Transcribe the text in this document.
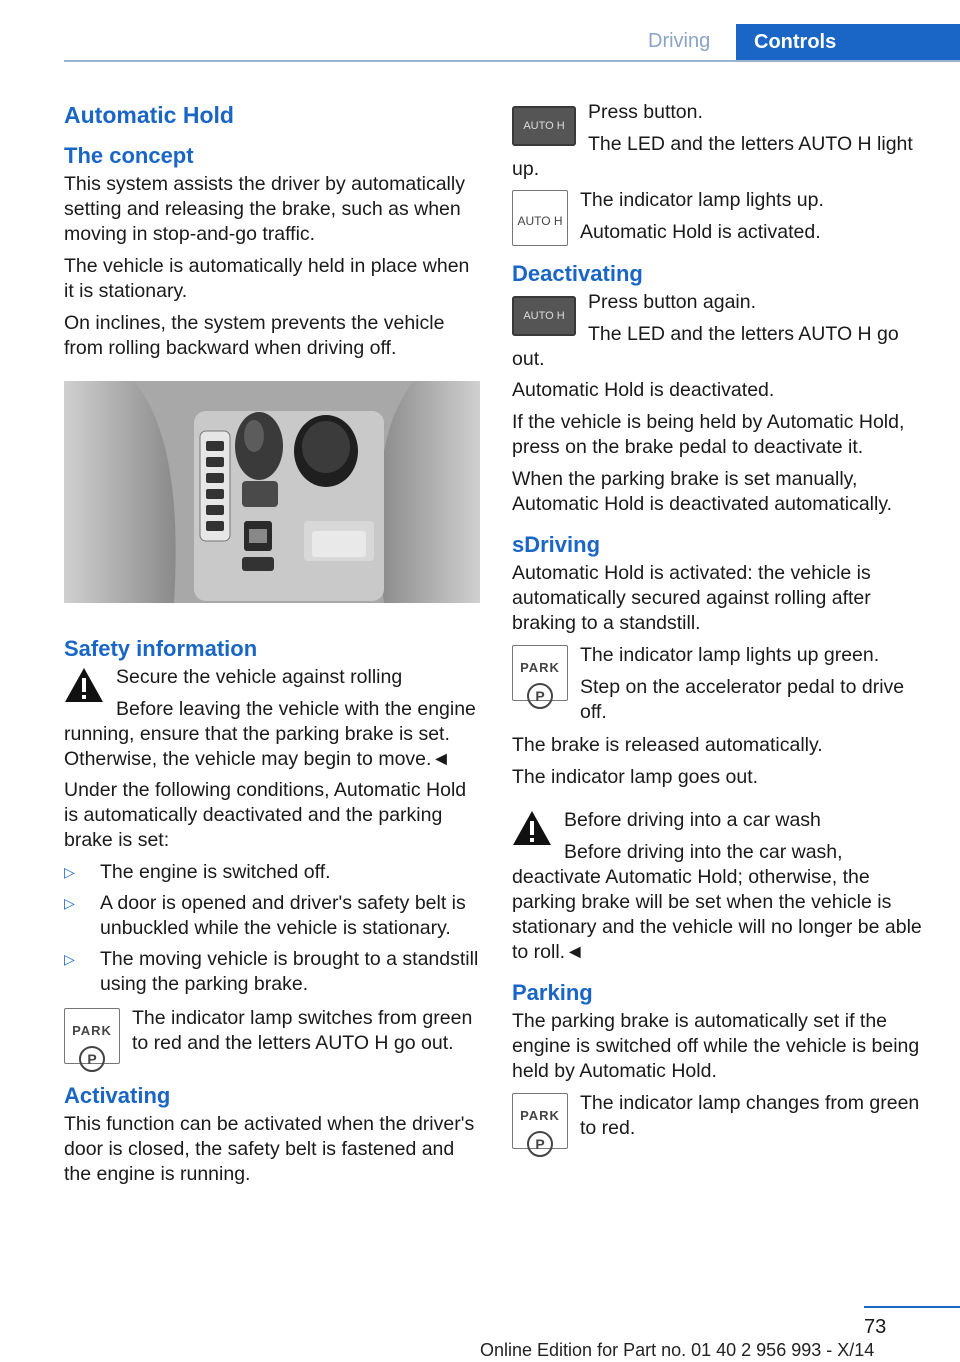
Driving Controls
Automatic Hold
The concept

This system assists the driver by automatically setting and releasing the brake, such as when moving in stop-and-go traffic.

The vehicle is automatically held in place when it is stationary.

On inclines, the system prevents the vehicle from rolling backward when driving off.

Safety information
Secure the vehicle against rolling
Before leaving the vehicle with the engine running, ensure that the parking brake is set. Otherwise, the vehicle may begin to move.◄

Under the following conditions, Automatic Hold is automatically deactivated and the parking brake is set:

▷ The engine is switched off.
▷ A door is opened and driver's safety belt is unbuckled while the vehicle is stationary.
▷ The moving vehicle is brought to a standstill using the parking brake.
PARK
P
The indicator lamp switches from green to red and the letters AUTO H go out.
Activating

This function can be activated when the driver's door is closed, the safety belt is fastened and the engine is running.

AUTO H
Press button.
The LED and the letters AUTO H light up.
AUTO H

The indicator lamp lights up.

Automatic Hold is activated.

Deactivating
AUTO H
Press button again.
The LED and the letters AUTO H go out.

Automatic Hold is deactivated.

If the vehicle is being held by Automatic Hold, press on the brake pedal to deactivate it.

When the parking brake is set manually, Automatic Hold is deactivated automatically.

sDriving

Automatic Hold is activated: the vehicle is automatically secured against rolling after braking to a standstill.

PARK
P

The indicator lamp lights up green.

Step on the accelerator pedal to drive off.

The brake is released automatically.

The indicator lamp goes out.

Before driving into a car wash
Before driving into the car wash, deactivate Automatic Hold; otherwise, the parking brake will be set when the vehicle is stationary and the vehicle will no longer be able to roll.◄
Parking

The parking brake is automatically set if the engine is switched off while the vehicle is being held by Automatic Hold.

PARK
P
The indicator lamp changes from green to red.
73
Online Edition for Part no. 01 40 2 956 993 - X/14
